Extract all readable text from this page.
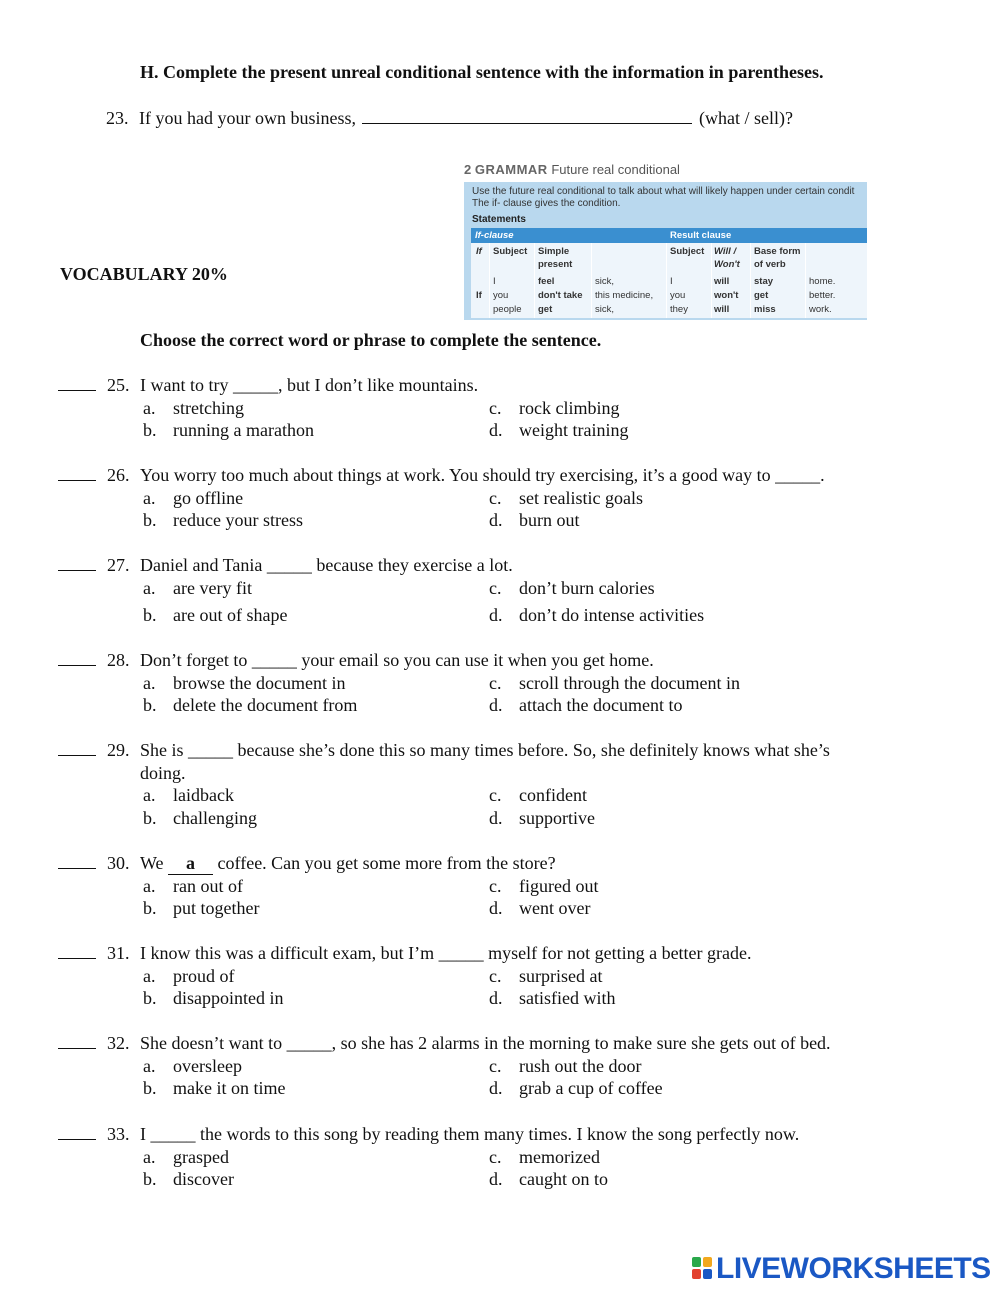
H. Complete the present unreal conditional sentence with the information in parentheses.
23. If you had your own business,	(what / sell)?
2 GRAMMAR Future real conditional
Use the future real conditional to talk about what will likely happen under certain condit
The if- clause gives the condition.
Statements
If-clause	Result clause
If Subject Simple
present
Subject Will /
Won't
Base form
of verb
If
I
you
people
feel
don't take
get
sick,
this medicine,
sick,
I
you
they
will
won't
will
stay
get
miss
home.
better.
work.
VOCABULARY 20%
Choose the correct word or phrase to complete the sentence.
25. I want to try _____, but I don’t like mountains.
a. stretching
b. running a marathon
c. rock climbing
d. weight training
26. You worry too much about things at work. You should try exercising, it’s a good way to _____.
a. go offline
b. reduce your stress
c. set realistic goals
d. burn out
27. Daniel and Tania _____ because they exercise a lot.
a. are very fit
b. are out of shape
c. don’t burn calories
d. don’t do intense activities
28. Don’t forget to _____ your email so you can use it when you get home.
a. browse the document in
b. delete the document from
c. scroll through the document in
d. attach the document to
29. She is _____ because she’s done this so many times before. So, she definitely knows what she’s
doing.
a. laidback
b. challenging
c. confident
d. supportive
30. We a coffee. Can you get some more from the store?
a. ran out of
b. put together
c. figured out
d. went over
31. I know this was a difficult exam, but I’m _____ myself for not getting a better grade.
a. proud of
b. disappointed in
c. surprised at
d. satisfied with
32. She doesn’t want to _____, so she has 2 alarms in the morning to make sure she gets out of bed.
a. oversleep
b. make it on time
c. rush out the door
d. grab a cup of coffee
33. I _____ the words to this song by reading them many times. I know the song perfectly now.
a. grasped
b. discover
c. memorized
d. caught on to
LIVEWORKSHEETS
